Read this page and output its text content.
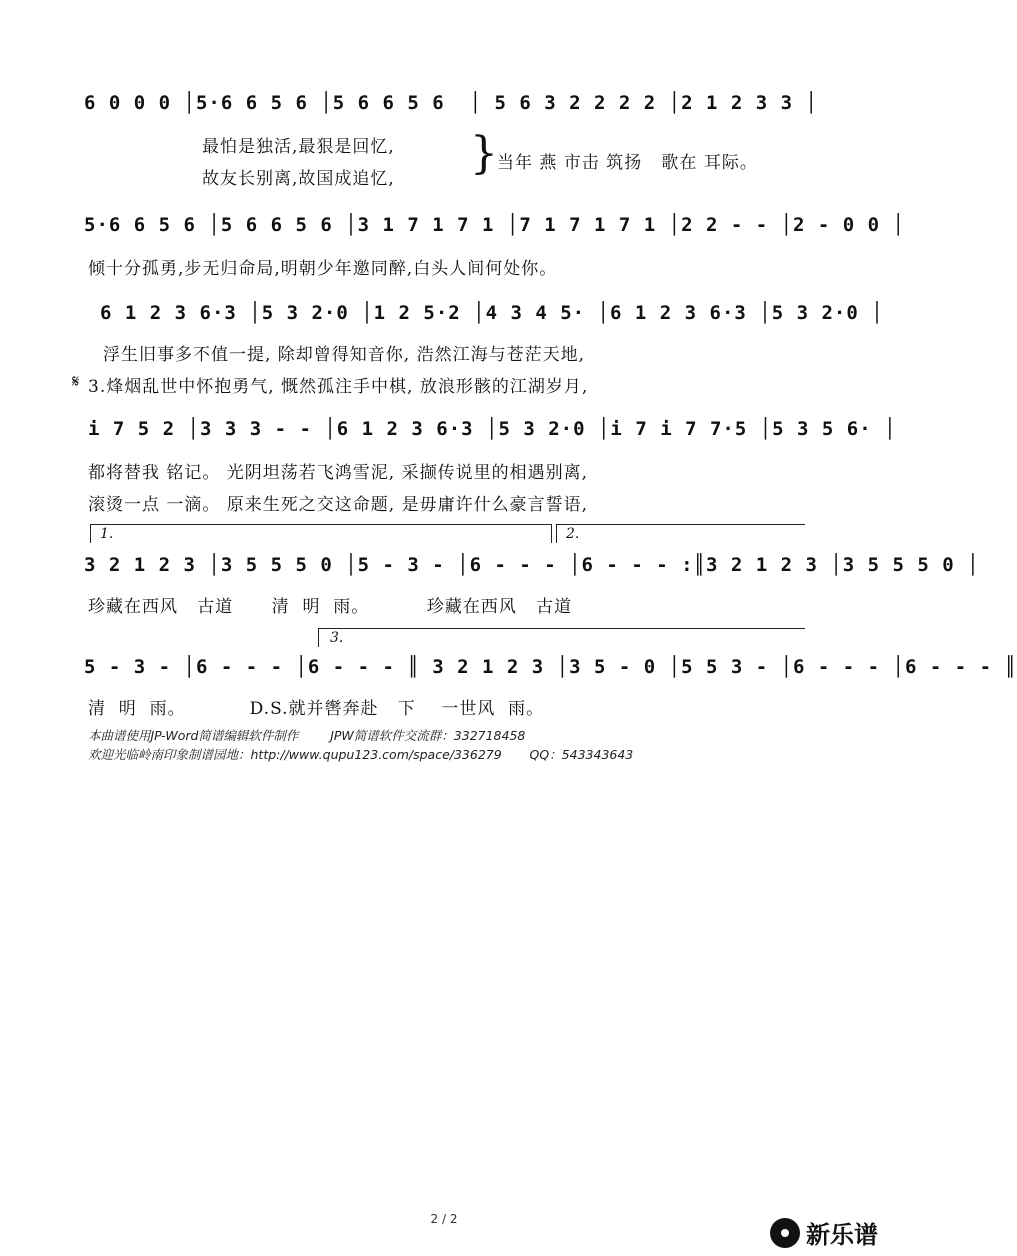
6 0 0 0 │5·6 6 5 6 │5 6 6 5 6  │ 5 6 3 2 2 2 2 │2 1 2 3 3 │
最怕是独活,最狠是回忆,
故友长别离,故国成追忆, } 当年 燕 市击 筑扬   歌在 耳际。
5·6 6 5 6 │5 6 6 5 6 │3 1 7 1 7 1 │7 1 7 1 7 1 │2 2 - - │2 - 0 0 │
倾十分孤勇,步无归命局,明朝少年邀同醉,白头人间何处你。
6 1 2 3 6·3 │5 3 2·0 │1 2 5·2 │4 3 4 5· │6 1 2 3 6·3 │5 3 2·0 │
浮生旧事多不值一提, 除却曾得知音你, 浩然江海与苍茫天地,
𝄋 3.烽烟乱世中怀抱勇气, 慨然孤注手中棋, 放浪形骸的江湖岁月,
i 7 5 2 │3 3 3 - - │6 1 2 3 6·3 │5 3 2·0 │i 7 i 7 7·5 │5 3 5 6· │
都将替我 铭记。 光阴坦荡若飞鸿雪泥, 采撷传说里的相遇别离,
滚烫一点 一滴。 原来生死之交这命题, 是毋庸许什么豪言誓语,
1.	2.
3 2 1 2 3 │3 5 5 5 0 │5 - 3 - │6 - - - │6 - - - :║3 2 1 2 3 │3 5 5 5 0 │
珍藏在西风   古道      清  明  雨。         珍藏在西风   古道
3.
5 - 3 - │6 - - - │6 - - - ║ 3 2 1 2 3 │3 5 - 0 │5 5 3 - │6 - - - │6 - - - ║
清  明  雨。          D.S.就并辔奔赴   下    一世风  雨。
本曲谱使用JP-Word简谱编辑软件制作        JPW简谱软件交流群：332718458
欢迎光临岭南印象制谱园地：http://www.qupu123.com/space/336279       QQ：543343643
2 / 2
新乐谱
